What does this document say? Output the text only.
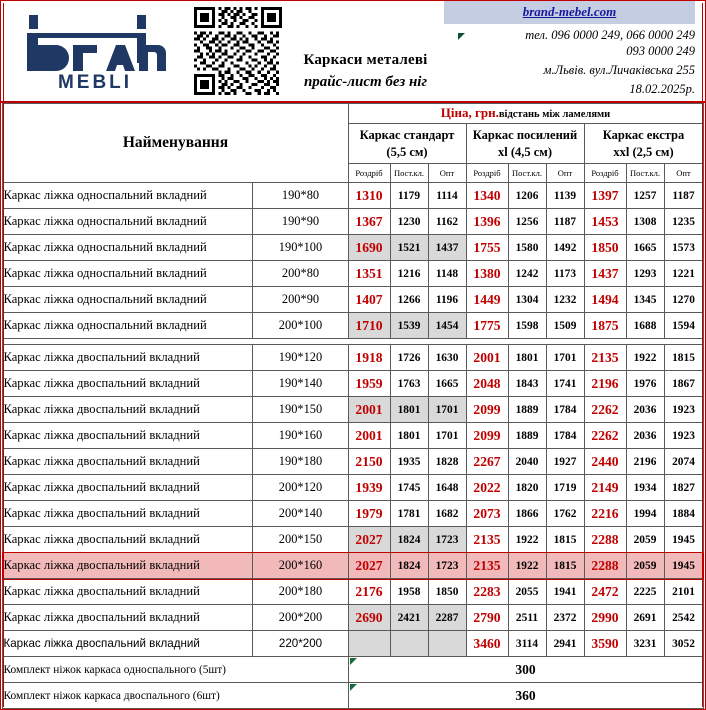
MEBLI
Каркаси металеві
прайс-лист без ніг
brand-mebel.com
тел. 096 0000 249, 066 0000 249
093 0000 249
м.Львів. вул.Личаківська 255
18.02.2025р.
Найменування		Ціна, грн.відстань між ламелями								
		Каркас стандарт
(5,5 см)			Каркас посилений
xl (4,5 см)			Каркас екстра
xxl (2,5 см)		
		Роздріб	Пост.кл.	Опт	Роздріб	Пост.кл.	Опт	Роздріб	Пост.кл.	Опт
Каркас ліжка односпальний вкладний	190*80	1310	1179	1114	1340	1206	1139	1397	1257	1187
Каркас ліжка односпальний вкладний	190*90	1367	1230	1162	1396	1256	1187	1453	1308	1235
Каркас ліжка односпальний вкладний	190*100	1690	1521	1437	1755	1580	1492	1850	1665	1573
Каркас ліжка односпальний вкладний	200*80	1351	1216	1148	1380	1242	1173	1437	1293	1221
Каркас ліжка односпальний вкладний	200*90	1407	1266	1196	1449	1304	1232	1494	1345	1270
Каркас ліжка односпальний вкладний	200*100	1710	1539	1454	1775	1598	1509	1875	1688	1594

Каркас ліжка двоспальний вкладний	190*120	1918	1726	1630	2001	1801	1701	2135	1922	1815
Каркас ліжка двоспальний вкладний	190*140	1959	1763	1665	2048	1843	1741	2196	1976	1867
Каркас ліжка двоспальний вкладний	190*150	2001	1801	1701	2099	1889	1784	2262	2036	1923
Каркас ліжка двоспальний вкладний	190*160	2001	1801	1701	2099	1889	1784	2262	2036	1923
Каркас ліжка двоспальний вкладний	190*180	2150	1935	1828	2267	2040	1927	2440	2196	2074
Каркас ліжка двоспальний вкладний	200*120	1939	1745	1648	2022	1820	1719	2149	1934	1827
Каркас ліжка двоспальний вкладний	200*140	1979	1781	1682	2073	1866	1762	2216	1994	1884
Каркас ліжка двоспальний вкладний	200*150	2027	1824	1723	2135	1922	1815	2288	2059	1945
Каркас ліжка двоспальний вкладний	200*160	2027	1824	1723	2135	1922	1815	2288	2059	1945
Каркас ліжка двоспальний вкладний	200*180	2176	1958	1850	2283	2055	1941	2472	2225	2101
Каркас ліжка двоспальний вкладний	200*200	2690	2421	2287	2790	2511	2372	2990	2691	2542
Каркас ліжка двоспальний вкладний	220*200				3460	3114	2941	3590	3231	3052
Комплект ніжок каркаса односпального (5шт)		300								
Комплект ніжок каркаса двоспального (6шт)		360								
